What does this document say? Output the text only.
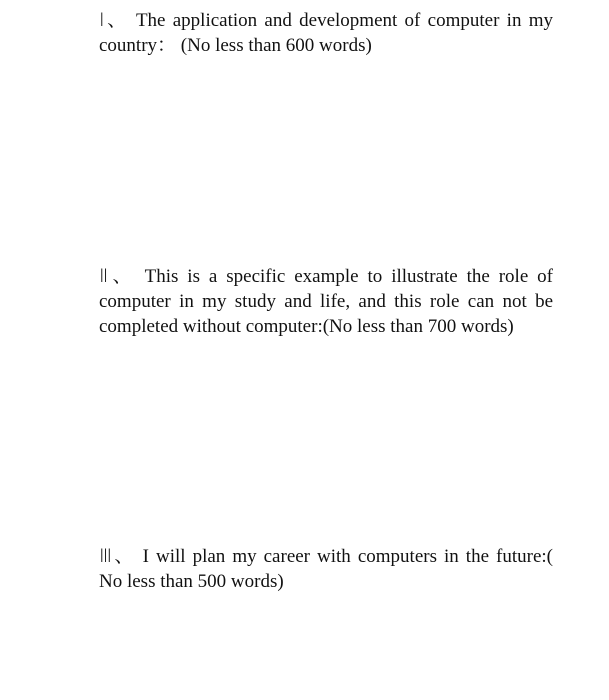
Ⅰ、 The application and development of computer in my country： (No less than 600 words)
Ⅱ、 This is a specific example to illustrate the role of computer in my study and life, and this role can not be completed without computer:(No less than 700 words)
Ⅲ、 I will plan my career with computers in the future:( No less than 500 words)
